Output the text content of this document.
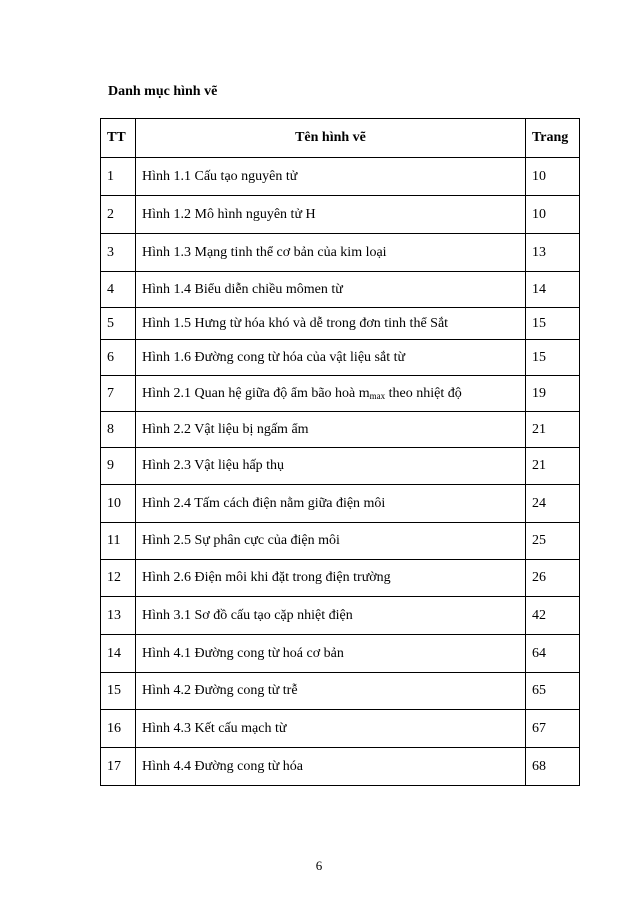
Danh mục hình vẽ
TT	Tên hình vẽ	Trang
1	Hình 1.1 Cấu tạo nguyên tử	10
2	Hình 1.2 Mô hình nguyên tử H	10
3	Hình 1.3 Mạng tinh thể cơ bản của kim loại	13
4	Hình 1.4 Biểu diễn chiều mômen từ	14
5	Hình 1.5 Hưng từ hóa khó và dễ trong đơn tinh thể Sắt	15
6	Hình 1.6 Đường cong từ hóa của vật liệu sắt từ	15
7	Hình 2.1 Quan hệ giữa độ ẩm bão hoà $m_{max}$ theo nhiệt độ	19
8	Hình 2.2 Vật liệu bị ngấm ẩm	21
9	Hình 2.3 Vật liệu hấp thụ	21
10	Hình 2.4 Tấm cách điện nằm giữa điện môi	24
11	Hình 2.5 Sự phân cực của điện môi	25
12	Hình 2.6 Điện môi khi đặt trong điện trường	26
13	Hình 3.1 Sơ đồ cấu tạo cặp nhiệt điện	42
14	Hình 4.1 Đường cong từ hoá cơ bản	64
15	Hình 4.2 Đường cong từ trễ	65
16	Hình 4.3 Kết cấu mạch từ	67
17	Hình 4.4 Đường cong từ hóa	68
6
